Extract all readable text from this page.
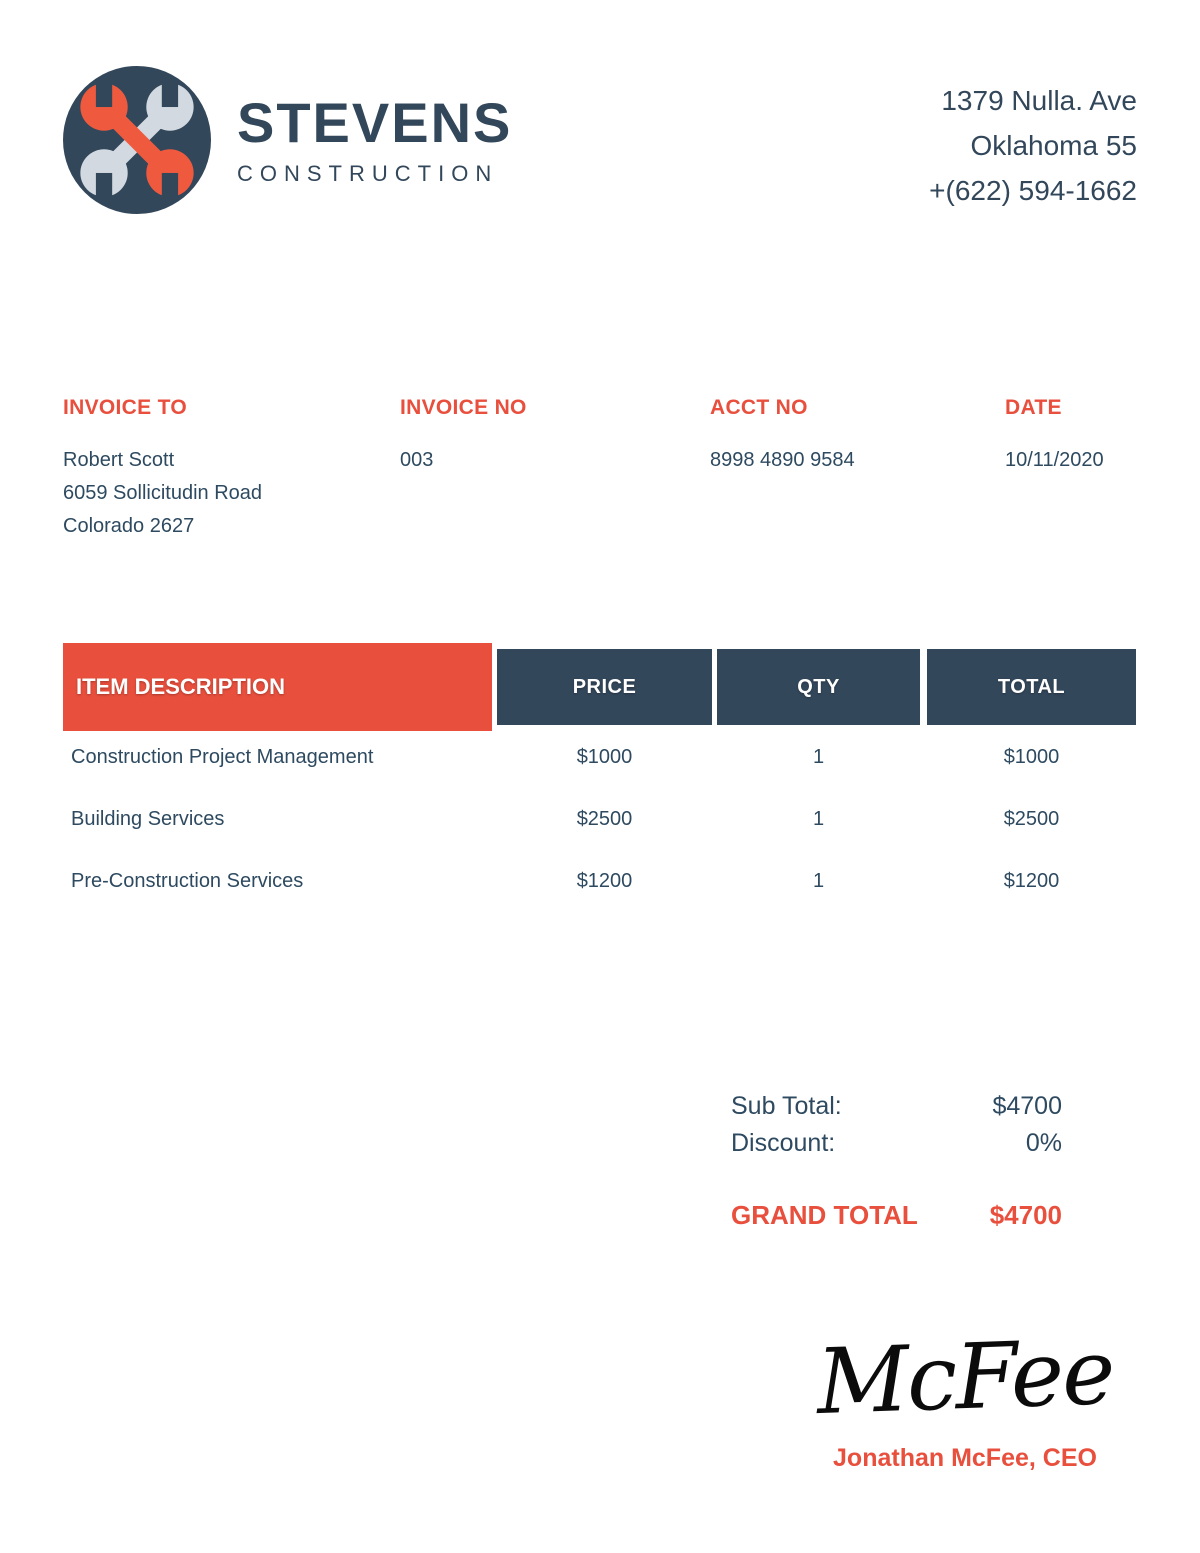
STEVENS
CONSTRUCTION
1379 Nulla. Ave
Oklahoma 55
+(622) 594-1662
INVOICE TO
Robert Scott
6059 Sollicitudin Road
Colorado 2627
INVOICE NO
003
ACCT NO
8998 4890 9584
DATE
10/11/2020
ITEM DESCRIPTION	PRICE	QTY	TOTAL
Construction Project Management	$1000	1	$1000
Building Services	$2500	1	$2500
Pre-Construction Services	$1200	1	$1200
Sub Total:	$4700
Discount:	0%
GRAND TOTAL	$4700
McFee
Jonathan McFee, CEO
